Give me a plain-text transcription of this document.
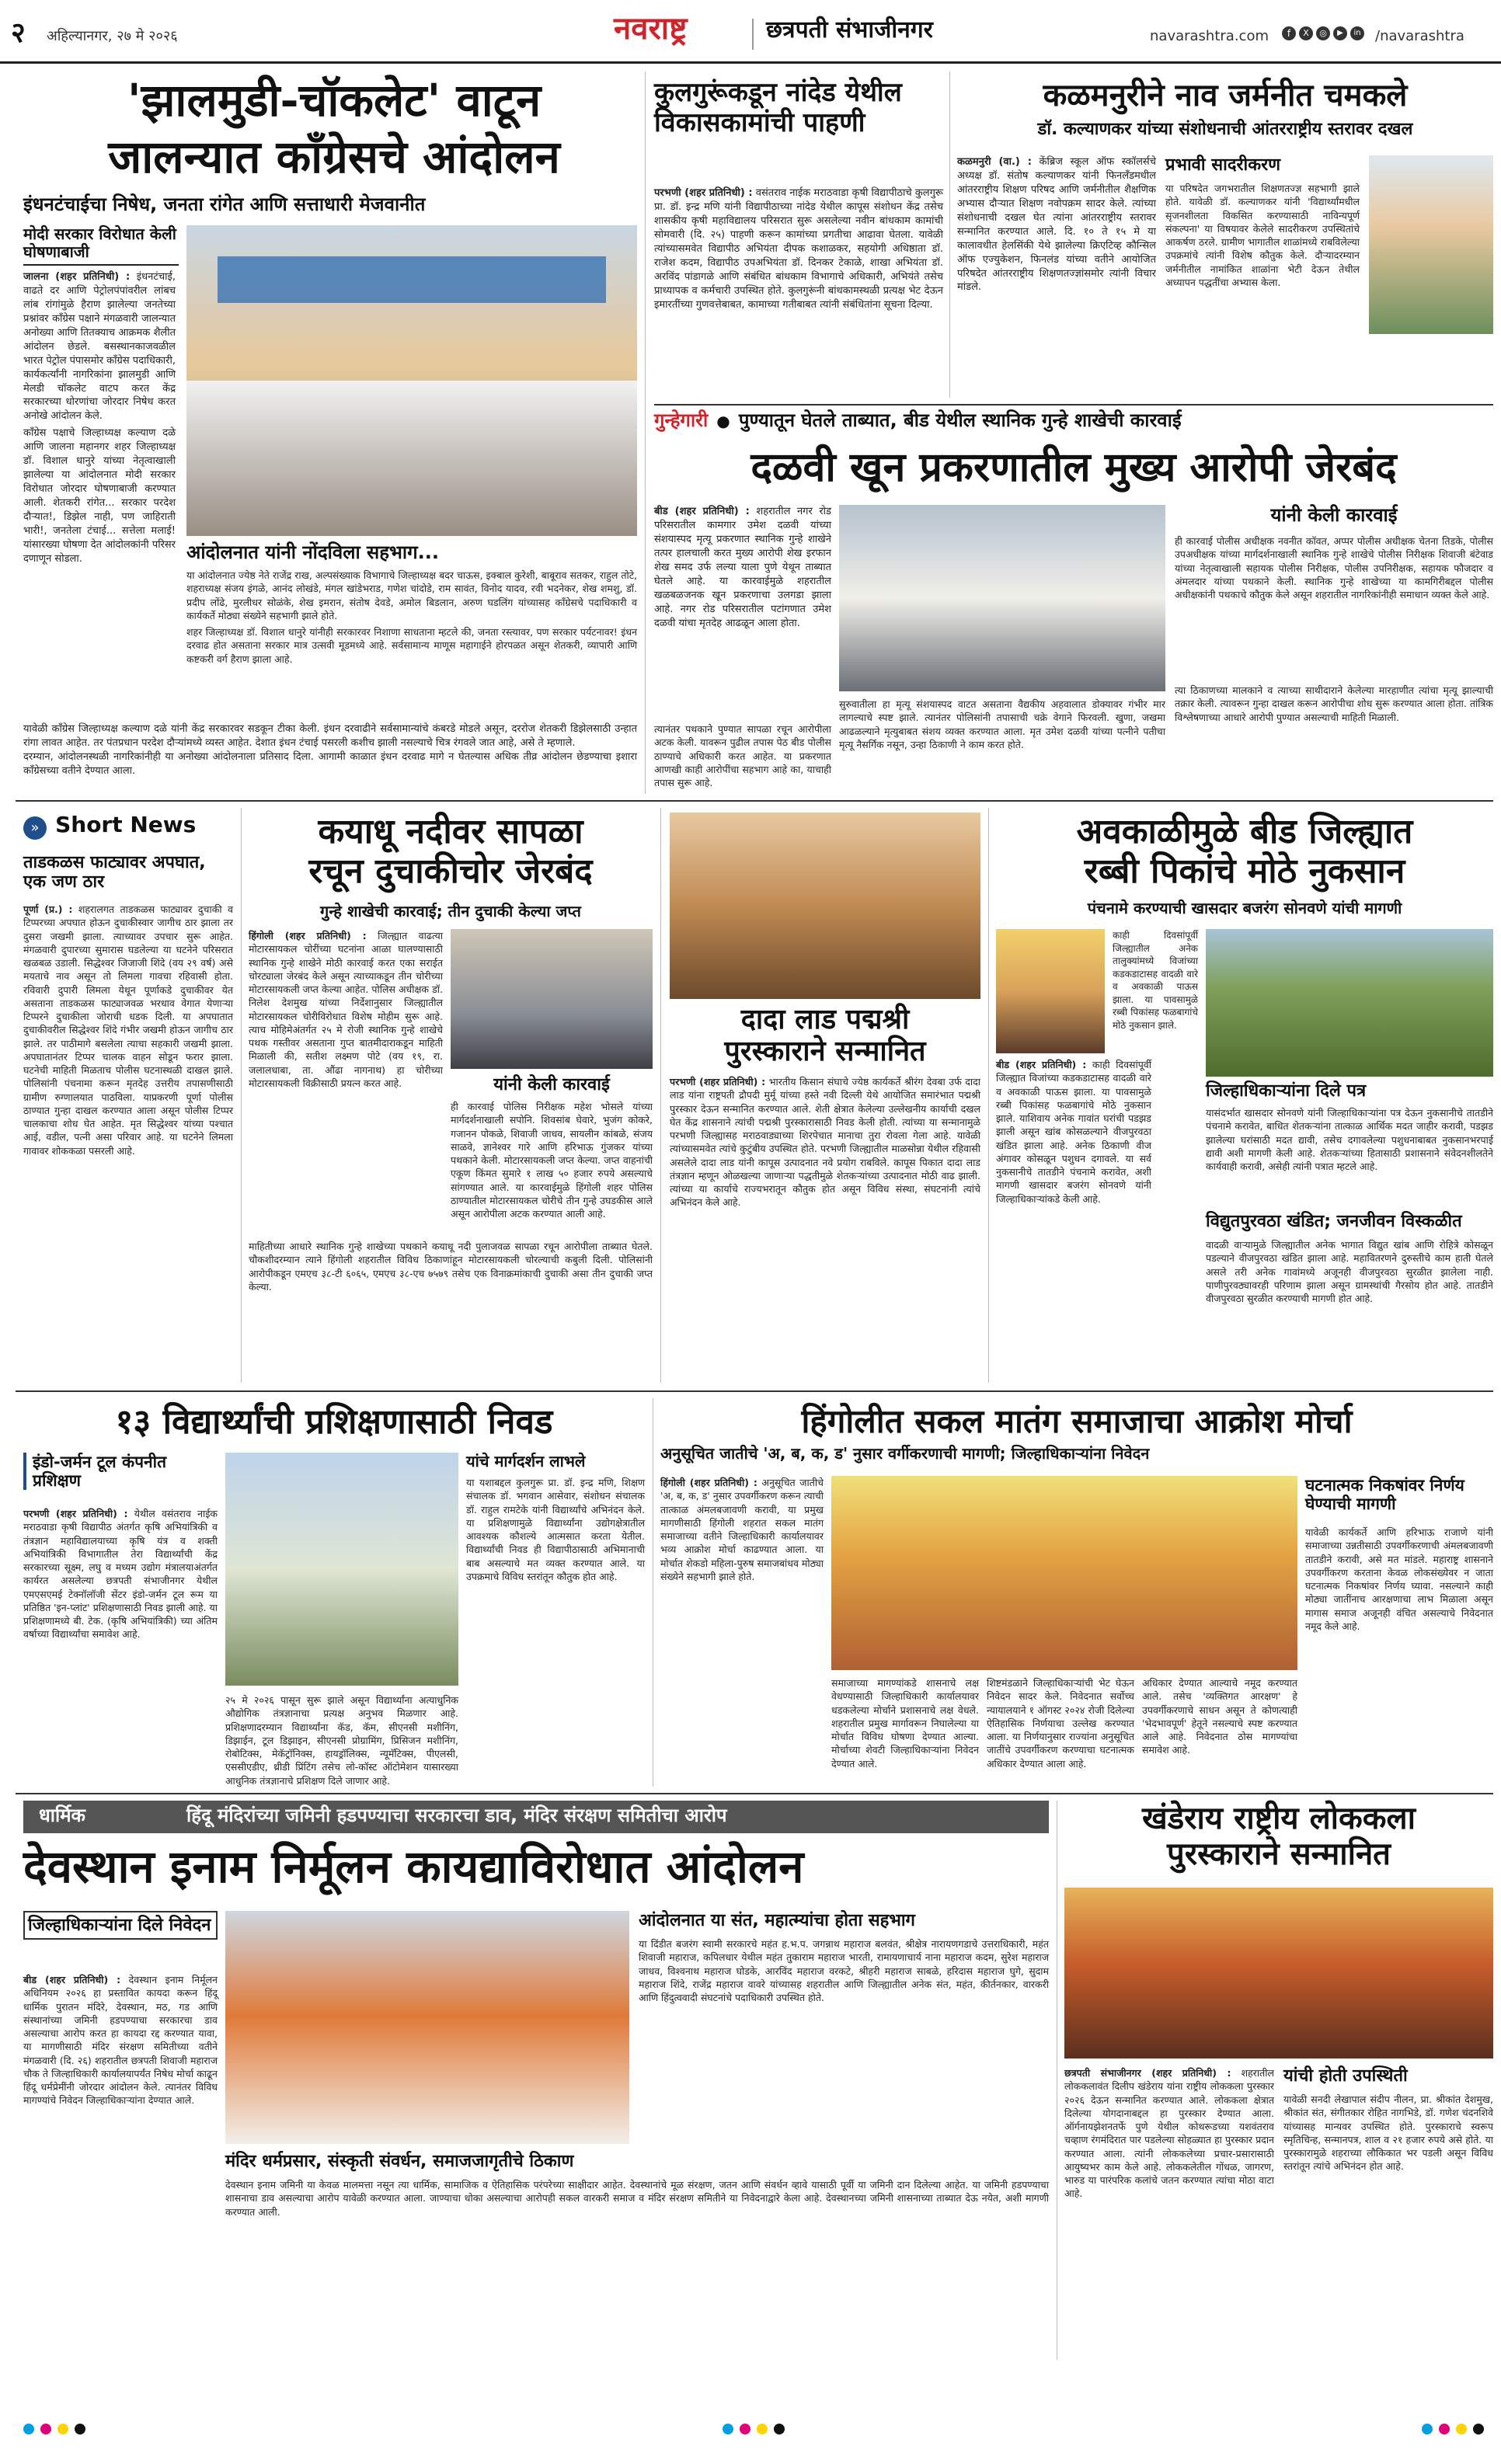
२ अहिल्यानगर, २७ मे २०२६	नवराष्ट्र	छत्रपती संभाजीनगर	navarashtra.com	f	X	◎	▶	in /navarashtra
'झालमुडी-चॉकलेट' वाटून
जालन्यात काँग्रेसचे आंदोलन
इंधनटंचाईचा निषेध, जनता रांगेत आणि सत्ताधारी मेजवानीत
मोदी सरकार विरोधात केली घोषणाबाजी
जालना (शहर प्रतिनिधी) : इंधनटंचाई, वाढते दर आणि पेट्रोलपंपांवरील लांबच लांब रांगांमुळे हैराण झालेल्या जनतेच्या प्रश्नांवर काँग्रेस पक्षाने मंगळवारी जालन्यात अनोख्या आणि तितक्याच आक्रमक शैलीत आंदोलन छेडले. बसस्थानकाजवळील भारत पेट्रोल पंपासमोर काँग्रेस पदाधिकारी, कार्यकर्त्यांनी नागरिकांना झालमुडी आणि मेलडी चॉकलेट वाटप करत केंद्र सरकारच्या धोरणांचा जोरदार निषेध करत अनोखे आंदोलन केले.

काँग्रेस पक्षाचे जिल्हाध्यक्ष कल्याण दळे आणि जालना महानगर शहर जिल्हाध्यक्ष डॉ. विशाल धानुरे यांच्या नेतृत्वाखाली झालेल्या या आंदोलनात मोदी सरकार विरोधात जोरदार घोषणाबाजी करण्यात आली. शेतकरी रांगेत... सरकार परदेश दौऱ्यात!, डिझेल नाही, पण जाहिराती भारी!, जनतेला टंचाई... सत्तेला मलाई! यांसारख्या घोषणा देत आंदोलकांनी परिसर दणाणून सोडला.	आंदोलनात यांनी नोंदविला सहभाग...

या आंदोलनात ज्येष्ठ नेते राजेंद्र राख, अल्पसंख्याक विभागाचे जिल्हाध्यक्ष बदर चाऊस, इक्बाल कुरेशी, बाबूराव सतकर, राहुल तोटे, शहराध्यक्ष संजय इंगळे, आनंद लोखंडे, मंगल खांडेभराड, गणेश चांदोडे, राम सावंत, विनोद यादव, रवी भदनेकर, शेख शमशु, डॉ. प्रदीप लोंढे, मुरलीधर सोळंके, शेख इमरान, संतोष देवडे, अमोल बिडलान, अरुण घडलिंग यांच्यासह काँग्रेसचे पदाधिकारी व कार्यकर्ते मोठ्या संख्येने सहभागी झाले होते.

शहर जिल्हाध्यक्ष डॉ. विशाल धानुरे यांनीही सरकारवर निशाणा साधताना म्हटले की, जनता रस्त्यावर, पण सरकार पर्यटनावर! इंधन दरवाढ होत असताना सरकार मात्र उत्सवी मूडमध्ये आहे. सर्वसामान्य माणूस महागाईने होरपळत असून शेतकरी, व्यापारी आणि कष्टकरी वर्ग हैराण झाला आहे.

यावेळी काँग्रेस जिल्हाध्यक्ष कल्याण दळे यांनी केंद्र सरकारवर सडकून टीका केली. इंधन दरवाढीने सर्वसामान्यांचे कंबरडे मोडले असून, दररोज शेतकरी डिझेलसाठी उन्हात रांगा लावत आहेत. तर पंतप्रधान परदेश दौऱ्यांमध्ये व्यस्त आहेत. देशात इंधन टंचाई पसरली कशीच झाली नसल्याचे चित्र रंगवले जात आहे, असे ते म्हणाले.

दरम्यान, आंदोलनस्थळी नागरिकांनीही या अनोख्या आंदोलनाला प्रतिसाद दिला. आगामी काळात इंधन दरवाढ मागे न घेतल्यास अधिक तीव्र आंदोलन छेडण्याचा इशारा काँग्रेसच्या वतीने देण्यात आला.

कुलगुरूंकडून नांदेड येथील विकासकामांची पाहणी
परभणी (शहर प्रतिनिधी) : वसंतराव नाईक मराठवाडा कृषी विद्यापीठाचे कुलगुरू प्रा. डॉ. इन्द्र मणि यांनी विद्यापीठाच्या नांदेड येथील कापूस संशोधन केंद्र तसेच शासकीय कृषी महाविद्यालय परिसरात सुरू असलेल्या नवीन बांधकाम कामांची सोमवारी (दि. २५) पाहणी करून कामांच्या प्रगतीचा आढावा घेतला. यावेळी त्यांच्यासमवेत विद्यापीठ अभियंता दीपक कशाळकर, सहयोगी अधिष्ठाता डॉ. राजेश कदम, विद्यापीठ उपअभियंता डॉ. दिनकर टेकाळे, शाखा अभियंता डॉ. अरविंद पांडागळे आणि संबंधित बांधकाम विभागाचे अधिकारी, अभियंते तसेच प्राध्यापक व कर्मचारी उपस्थित होते. कुलगुरूंनी बांधकामस्थळी प्रत्यक्ष भेट देऊन इमारतींच्या गुणवत्तेबाबत, कामाच्या गतीबाबत त्यांनी संबंधितांना सूचना दिल्या.
कळमनुरीने नाव जर्मनीत चमकले
डॉ. कल्याणकर यांच्या संशोधनाची आंतरराष्ट्रीय स्तरावर दखल
कळमनुरी (वा.) : केंब्रिज स्कूल ऑफ स्कॉलर्सचे अध्यक्ष डॉ. संतोष कल्याणकर यांनी फिनलँडमधील आंतरराष्ट्रीय शिक्षण परिषद आणि जर्मनीतील शैक्षणिक अभ्यास दौऱ्यात शिक्षण नवोपक्रम सादर केले. त्यांच्या संशोधनाची दखल घेत त्यांना आंतरराष्ट्रीय स्तरावर सन्मानित करण्यात आले. दि. १० ते १५ मे या कालावधीत हेलसिंकी येथे झालेल्या क्रिएटिव्ह कौन्सिल ऑफ एज्युकेशन, फिनलंड यांच्या वतीने आयोजित परिषदेत आंतरराष्ट्रीय शिक्षणतज्ज्ञांसमोर त्यांनी विचार मांडले.
प्रभावी सादरीकरण
या परिषदेत जगभरातील शिक्षणतज्ज्ञ सहभागी झाले होते. यावेळी डॉ. कल्याणकर यांनी 'विद्यार्थ्यांमधील सृजनशीलता विकसित करण्यासाठी नाविन्यपूर्ण संकल्पना' या विषयावर केलेले सादरीकरण उपस्थितांचे आकर्षण ठरले. ग्रामीण भागातील शाळांमध्ये राबविलेल्या उपक्रमांचे त्यांनी विशेष कौतुक केले. दौऱ्यादरम्यान जर्मनीतील नामांकित शाळांना भेटी देऊन तेथील अध्यापन पद्धतींचा अभ्यास केला.
गुन्हेगारी ● पुण्यातून घेतले ताब्यात, बीड येथील स्थानिक गुन्हे शाखेची कारवाई
दळवी खून प्रकरणातील मुख्य आरोपी जेरबंद
बीड (शहर प्रतिनिधी) : शहरातील नगर रोड परिसरातील कामगार उमेश दळवी यांच्या संशयास्पद मृत्यू प्रकरणात स्थानिक गुन्हे शाखेने तत्पर हालचाली करत मुख्य आरोपी शेख इरफान शेख समद उर्फ लल्या याला पुणे येथून ताब्यात घेतले आहे. या कारवाईमुळे शहरातील खळबळजनक खून प्रकरणाचा उलगडा झाला आहे. नगर रोड परिसरातील पटांगणात उमेश दळवी यांचा मृतदेह आढळून आला होता.
सुरुवातीला हा मृत्यू संशयास्पद वाटत असताना वैद्यकीय अहवालात डोक्यावर गंभीर मार लागल्याचे स्पष्ट झाले. त्यानंतर पोलिसांनी तपासाची चक्रे वेगाने फिरवली. खुणा, जखमा आढळल्याने मृत्युबाबत संशय व्यक्त करण्यात आला. मृत उमेश दळवी यांच्या पत्नीने पतीचा मृत्यू नैसर्गिक नसून, उन्हा ठिकाणी ने काम करत होते.
यांनी केली कारवाई
ही कारवाई पोलीस अधीक्षक नवनीत कॉवत, अप्पर पोलीस अधीक्षक चेतना तिडके, पोलीस उपअधीक्षक यांच्या मार्गदर्शनाखाली स्थानिक गुन्हे शाखेचे पोलीस निरीक्षक शिवाजी बंटेवाड यांच्या नेतृत्वाखाली सहायक पोलीस निरीक्षक, पोलीस उपनिरीक्षक, सहायक फौजदार व अंमलदार यांच्या पथकाने केली. स्थानिक गुन्हे शाखेच्या या कामगिरीबद्दल पोलीस अधीक्षकांनी पथकाचे कौतुक केले असून शहरातील नागरिकांनीही समाधान व्यक्त केले आहे.
त्या ठिकाणच्या मालकाने व त्याच्या साथीदाराने केलेल्या मारहाणीत त्यांचा मृत्यू झाल्याची तक्रार केली. त्यावरून गुन्हा दाखल करून आरोपीचा शोध सुरू करण्यात आला होता. तांत्रिक विश्लेषणाच्या आधारे आरोपी पुण्यात असल्याची माहिती मिळाली.
त्यानंतर पथकाने पुण्यात सापळा रचून आरोपीला अटक केली. यावरून पुढील तपास पेठ बीड पोलीस ठाण्याचे अधिकारी करत आहेत. या प्रकरणात आणखी काही आरोपींचा सहभाग आहे का, याचाही तपास सुरू आहे.
» Short News
ताडकळस फाट्यावर अपघात, एक जण ठार
पूर्णा (प्र.) : शहरालगत ताडकळस फाट्यावर दुचाकी व टिप्परच्या अपघात होऊन दुचाकीस्वार जागीच ठार झाला तर दुसरा जखमी झाला. त्याच्यावर उपचार सुरू आहेत. मंगळवारी दुपारच्या सुमारास घडलेल्या या घटनेने परिसरात खळबळ उडाली. सिद्धेश्वर जिजाजी शिंदे (वय २९ वर्ष) असे मयताचे नाव असून तो लिमला गावचा रहिवासी होता. रविवारी दुपारी लिमला येथून पूर्णाकडे दुचाकीवर येत असताना ताडकळस फाट्याजवळ भरधाव वेगात येणाऱ्या टिप्परने दुचाकीला जोराची धडक दिली. या अपघातात दुचाकीवरील सिद्धेश्वर शिंदे गंभीर जखमी होऊन जागीच ठार झाले. तर पाठीमागे बसलेला त्याचा सहकारी जखमी झाला. अपघातानंतर टिप्पर चालक वाहन सोडून फरार झाला. घटनेची माहिती मिळताच पोलीस घटनास्थळी दाखल झाले. पोलिसांनी पंचनामा करून मृतदेह उत्तरीय तपासणीसाठी ग्रामीण रुग्णालयात पाठविला. याप्रकरणी पूर्णा पोलीस ठाण्यात गुन्हा दाखल करण्यात आला असून पोलीस टिप्पर चालकाचा शोध घेत आहेत. मृत सिद्धेश्वर यांच्या पश्चात आई, वडील, पत्नी असा परिवार आहे. या घटनेने लिमला गावावर शोककळा पसरली आहे.
कयाधू नदीवर सापळा
रचून दुचाकीचोर जेरबंद
गुन्हे शाखेची कारवाई; तीन दुचाकी केल्या जप्त
हिंगोली (शहर प्रतिनिधी) : जिल्ह्यात वाढत्या मोटारसायकल चोरींच्या घटनांना आळा घालण्यासाठी स्थानिक गुन्हे शाखेने मोठी कारवाई करत एका सराईत चोरट्याला जेरबंद केले असून त्याच्याकडून तीन चोरीच्या मोटारसायकली जप्त केल्या आहेत. पोलिस अधीक्षक डॉ. निलेश देशमुख यांच्या निर्देशानुसार जिल्ह्यातील मोटारसायकल चोरीविरोधात विशेष मोहीम सुरू आहे. त्याच मोहिमेअंतर्गत २५ मे रोजी स्थानिक गुन्हे शाखेचे पथक गस्तीवर असताना गुप्त बातमीदाराकडून माहिती मिळाली की, सतीश लक्ष्मण पोटे (वय १९, रा. जलालधाबा, ता. औंढा नागनाथ) हा चोरीच्या मोटारसायकली विक्रीसाठी प्रयत्न करत आहे.	यांनी केली कारवाई
ही कारवाई पोलिस निरीक्षक महेश भोसले यांच्या मार्गदर्शनाखाली सपोनि. शिवसांब घेवारे, भुजंग कोकरे, गजानन पोकळे, शिवाजी जाधव, सायलीन कांबळे, संजय साळवे, ज्ञानेश्वर गारे आणि हरिभाऊ गुंजकर यांच्या पथकाने केली. मोटारसायकली जप्त केल्या. जप्त वाहनांची एकूण किंमत सुमारे १ लाख ५० हजार रुपये असल्याचे सांगण्यात आले. या कारवाईमुळे हिंगोली शहर पोलिस ठाण्यातील मोटारसायकल चोरीचे तीन गुन्हे उघडकीस आले असून आरोपीला अटक करण्यात आली आहे.
माहितीच्या आधारे स्थानिक गुन्हे शाखेच्या पथकाने कयाधू नदी पुलाजवळ सापळा रचून आरोपीला ताब्यात घेतले. चौकशीदरम्यान त्याने हिंगोली शहरातील विविध ठिकाणांहून मोटारसायकली चोरल्याची कबुली दिली. पोलिसांनी आरोपीकडून एमएच ३८-टी ६०६५, एमएच ३८-एच ७५७९ तसेच एक विनाक्रमांकाची दुचाकी असा तीन दुचाकी जप्त केल्या.
दादा लाड पद्मश्री
पुरस्काराने सन्मानित
परभणी (शहर प्रतिनिधी) : भारतीय किसान संघाचे ज्येष्ठ कार्यकर्ते श्रीरंग देवबा उर्फ दादा लाड यांना राष्ट्रपती द्रौपदी मुर्मू यांच्या हस्ते नवी दिल्ली येथे आयोजित समारंभात पद्मश्री पुरस्कार देऊन सन्मानित करण्यात आले. शेती क्षेत्रात केलेल्या उल्लेखनीय कार्याची दखल घेत केंद्र शासनाने त्यांची पद्मश्री पुरस्कारासाठी निवड केली होती. त्यांच्या या सन्मानामुळे परभणी जिल्ह्यासह मराठवाड्याच्या शिरपेचात मानाचा तुरा रोवला गेला आहे. यावेळी त्यांच्यासमवेत त्यांचे कुटुंबीय उपस्थित होते. परभणी जिल्ह्यातील माळसोन्ना येथील रहिवासी असलेले दादा लाड यांनी कापूस उत्पादनात नवे प्रयोग राबविले. कापूस पिकात दादा लाड तंत्रज्ञान म्हणून ओळखल्या जाणाऱ्या पद्धतीमुळे शेतकऱ्यांच्या उत्पादनात मोठी वाढ झाली. त्यांच्या या कार्याचे राज्यभरातून कौतुक होत असून विविध संस्था, संघटनांनी त्यांचे अभिनंदन केले आहे.
अवकाळीमुळे बीड जिल्ह्यात
रब्बी पिकांचे मोठे नुकसान
पंचनामे करण्याची खासदार बजरंग सोनवणे यांची मागणी
बीड (शहर प्रतिनिधी) : काही दिवसांपूर्वी जिल्ह्यात विजांच्या कडकडाटासह वादळी वारे व अवकाळी पाऊस झाला. या पावसामुळे रब्बी पिकांसह फळबागांचे मोठे नुकसान झाले. याशिवाय अनेक गावांत घरांची पडझड झाली असून खांब कोसळल्याने वीजपुरवठा खंडित झाला आहे. अनेक ठिकाणी वीज अंगावर कोसळून पशुधन दगावले. या सर्व नुकसानीचे तातडीने पंचनामे करावेत, अशी मागणी खासदार बजरंग सोनवणे यांनी जिल्हाधिकाऱ्यांकडे केली आहे.
काही दिवसांपूर्वी जिल्ह्यातील अनेक तालुक्यांमध्ये विजांच्या कडकडाटासह वादळी वारे व अवकाळी पाऊस झाला. या पावसामुळे रब्बी पिकांसह फळबागांचे मोठे नुकसान झाले.
जिल्हाधिकाऱ्यांना दिले पत्र
यासंदर्भात खासदार सोनवणे यांनी जिल्हाधिकाऱ्यांना पत्र देऊन नुकसानीचे तातडीने पंचनामे करावेत, बाधित शेतकऱ्यांना तात्काळ आर्थिक मदत जाहीर करावी, पडझड झालेल्या घरांसाठी मदत द्यावी, तसेच दगावलेल्या पशुधनाबाबत नुकसानभरपाई द्यावी अशी मागणी केली आहे. शेतकऱ्यांच्या हितासाठी प्रशासनाने संवेदनशीलतेने कार्यवाही करावी, असेही त्यांनी पत्रात म्हटले आहे.
विद्युतपुरवठा खंडित; जनजीवन विस्कळीत
वादळी वाऱ्यामुळे जिल्ह्यातील अनेक भागात विद्युत खांब आणि रोहित्रे कोसळून पडल्याने वीजपुरवठा खंडित झाला आहे. महावितरणने दुरुस्तीचे काम हाती घेतले असले तरी अनेक गावांमध्ये अजूनही वीजपुरवठा सुरळीत झालेला नाही. पाणीपुरवठ्यावरही परिणाम झाला असून ग्रामस्थांची गैरसोय होत आहे. तातडीने वीजपुरवठा सुरळीत करण्याची मागणी होत आहे.
१३ विद्यार्थ्यांची प्रशिक्षणासाठी निवड
इंडो-जर्मन टूल कंपनीत प्रशिक्षण
परभणी (शहर प्रतिनिधी) : येथील वसंतराव नाईक मराठवाडा कृषी विद्यापीठ अंतर्गत कृषि अभियांत्रिकी व तंत्रज्ञान महाविद्यालयाच्या कृषि यंत्र व शक्ती अभियांत्रिकी विभागातील तेरा विद्यार्थ्यांची केंद्र सरकारच्या सूक्ष्म, लघु व मध्यम उद्योग मंत्रालयाअंतर्गत कार्यरत असलेल्या छत्रपती संभाजीनगर येथील एमएसएमई टेक्नॉलॉजी सेंटर इंडो-जर्मन टूल रूम या प्रतिष्ठित 'इन-प्लांट' प्रशिक्षणासाठी निवड झाली आहे. या प्रशिक्षणामध्ये बी. टेक. (कृषि अभियांत्रिकी) च्या अंतिम वर्षाच्या विद्यार्थ्यांचा समावेश आहे.
२५ मे २०२६ पासून सुरू झाले असून विद्यार्थ्यांना अत्याधुनिक औद्योगिक तंत्रज्ञानाचा प्रत्यक्ष अनुभव मिळणार आहे. प्रशिक्षणादरम्यान विद्यार्थ्यांना कॅड, कॅम, सीएनसी मशीनिंग, डिझाईन, टूल डिझाइन, सीएनसी प्रोग्रामिंग, प्रिसिजन मशीनिंग, रोबोटिक्स, मेकॅट्रॉनिक्स, हायड्रॉलिक्स, न्यूमॅटिक्स, पीएलसी, एससीएडीए, थ्रीडी प्रिंटिंग तसेच लो-कॉस्ट ऑटोमेशन यासारख्या आधुनिक तंत्रज्ञानाचे प्रशिक्षण दिले जाणार आहे.
यांचे मार्गदर्शन लाभले
या यशाबद्दल कुलगुरू प्रा. डॉ. इन्द्र मणि, शिक्षण संचालक डॉ. भगवान आसेवार, संशोधन संचालक डॉ. राहुल रामटेके यांनी विद्यार्थ्यांचे अभिनंदन केले. या प्रशिक्षणामुळे विद्यार्थ्यांना उद्योगक्षेत्रातील आवश्यक कौशल्ये आत्मसात करता येतील. विद्यार्थ्यांची निवड ही विद्यापीठासाठी अभिमानाची बाब असल्याचे मत व्यक्त करण्यात आले. या उपक्रमाचे विविध स्तरांतून कौतुक होत आहे.
हिंगोलीत सकल मातंग समाजाचा आक्रोश मोर्चा
अनुसूचित जातीचे 'अ, ब, क, ड' नुसार वर्गीकरणाची मागणी; जिल्हाधिकाऱ्यांना निवेदन
हिंगोली (शहर प्रतिनिधी) : अनुसूचित जातीचे 'अ, ब, क, ड' नुसार उपवर्गीकरण करून त्याची तात्काळ अंमलबजावणी करावी, या प्रमुख मागणीसाठी हिंगोली शहरात सकल मातंग समाजाच्या वतीने जिल्हाधिकारी कार्यालयावर भव्य आक्रोश मोर्चा काढण्यात आला. या मोर्चात शेकडो महिला-पुरुष समाजबांधव मोठ्या संख्येने सहभागी झाले होते.
समाजाच्या मागण्यांकडे शासनाचे लक्ष वेधण्यासाठी जिल्हाधिकारी कार्यालयावर धडकलेल्या मोर्चाने प्रशासनाचे लक्ष वेधले. शहरातील प्रमुख मार्गावरून निघालेल्या या मोर्चात विविध घोषणा देण्यात आल्या. मोर्चाच्या शेवटी जिल्हाधिकाऱ्यांना निवेदन देण्यात आले.
शिष्टमंडळाने जिल्हाधिकाऱ्यांची भेट घेऊन निवेदन सादर केले. निवेदनात सर्वोच्च न्यायालयाने १ ऑगस्ट २०२४ रोजी दिलेल्या ऐतिहासिक निर्णयाचा उल्लेख करण्यात आला. या निर्णयानुसार राज्यांना अनुसूचित जातींचे उपवर्गीकरण करण्याचा घटनात्मक अधिकार देण्यात आला आहे.
अधिकार देण्यात आल्याचे नमूद करण्यात आले. तसेच 'व्यक्तिगत आरक्षण' हे उपवर्गीकरणाचे साधन असून ते कोणत्याही 'भेदभावपूर्ण' हेतूने नसल्याचे स्पष्ट करण्यात आले आहे. निवेदनात ठोस मागण्यांचा समावेश आहे.
घटनात्मक निकषांवर निर्णय घेण्याची मागणी
यावेळी कार्यकर्ते आणि हरिभाऊ राजाणे यांनी समाजाच्या उन्नतीसाठी उपवर्गीकरणाची अंमलबजावणी तातडीने करावी, असे मत मांडले. महाराष्ट्र शासनाने उपवर्गीकरण करताना केवळ लोकसंख्येवर न जाता घटनात्मक निकषांवर निर्णय घ्यावा. नसल्याने काही मोठ्या जातींनाच आरक्षणाचा लाभ मिळाला असून मागास समाज अजूनही वंचित असल्याचे निवेदनात नमूद केले आहे.
धार्मिक	हिंदू मंदिरांच्या जमिनी हडपण्याचा सरकारचा डाव, मंदिर संरक्षण समितीचा आरोप
देवस्थान इनाम निर्मूलन कायद्याविरोधात आंदोलन
जिल्हाधिकाऱ्यांना दिले निवेदन
बीड (शहर प्रतिनिधी) : देवस्थान इनाम निर्मूलन अधिनियम २०२६ हा प्रस्तावित कायदा करून हिंदू धार्मिक पुरातन मंदिरे, देवस्थान, मठ, गड आणि संस्थानांच्या जमिनी हडपण्याचा सरकारचा डाव असल्याचा आरोप करत हा कायदा रद्द करण्यात यावा, या मागणीसाठी मंदिर संरक्षण समितीच्या वतीने मंगळवारी (दि. २६) शहरातील छत्रपती शिवाजी महाराज चौक ते जिल्हाधिकारी कार्यालयापर्यंत निषेध मोर्चा काढून हिंदू धर्मप्रेमींनी जोरदार आंदोलन केले. त्यानंतर विविध मागण्यांचे निवेदन जिल्हाधिकाऱ्यांना देण्यात आले.
आंदोलनात या संत, महात्म्यांचा होता सहभाग
या दिंडीत बजरंग स्वामी सरकारचे महंत ह.भ.प. जगन्नाथ महाराज बलवंत, श्रीक्षेत्र नारायणगडाचे उत्तराधिकारी, महंत शिवाजी महाराज, कपिलधार येथील महंत तुकाराम महाराज भारती, रामायणाचार्य नाना महाराज कदम, सुरेश महाराज जाधव, विश्वनाथ महाराज घोडके, आरविंद महाराज वरकटे, श्रीहरी महाराज साबळे, हरिदास महाराज घुगे, सुदाम महाराज शिंदे, राजेंद्र महाराज वावरे यांच्यासह शहरातील आणि जिल्ह्यातील अनेक संत, महंत, कीर्तनकार, वारकरी आणि हिंदुत्ववादी संघटनांचे पदाधिकारी उपस्थित होते.
मंदिर धर्मप्रसार, संस्कृती संवर्धन, समाजजागृतीचे ठिकाण
देवस्थान इनाम जमिनी या केवळ मालमत्ता नसून त्या धार्मिक, सामाजिक व ऐतिहासिक परंपरेच्या साक्षीदार आहेत. देवस्थानांचे मूळ संरक्षण, जतन आणि संवर्धन व्हावे यासाठी पूर्वी या जमिनी दान दिलेल्या आहेत. या जमिनी हडपण्याचा शासनाचा डाव असल्याचा आरोप यावेळी करण्यात आला. जाण्याचा धोका असल्याचा आरोपही सकल वारकरी समाज व मंदिर संरक्षण समितीने या निवेदनाद्वारे केला आहे. देवस्थानच्या जमिनी शासनाच्या ताब्यात देऊ नयेत, अशी मागणी करण्यात आली.
खंडेराय राष्ट्रीय लोककला
पुरस्काराने सन्मानित
छत्रपती संभाजीनगर (शहर प्रतिनिधी) : शहरातील लोककलावंत दिलीप खंडेराय यांना राष्ट्रीय लोककला पुरस्कार २०२६ देऊन सन्मानित करण्यात आले. लोककला क्षेत्रात दिलेल्या योगदानाबद्दल हा पुरस्कार देण्यात आला. ऑर्गनायझेशनतर्फे पुणे येथील कोथरूडच्या यशवंतराव चव्हाण रंगमंदिरात पार पडलेल्या सोहळ्यात हा पुरस्कार प्रदान करण्यात आला. त्यांनी लोककलेच्या प्रचार-प्रसारासाठी आयुष्यभर काम केले आहे. लोककलेतील गोंधळ, जागरण, भारुड या पारंपरिक कलांचे जतन करण्यात त्यांचा मोठा वाटा आहे.
यांची होती उपस्थिती
यावेळी सनदी लेखापाल संदीप नीलन, प्रा. श्रीकांत देशमुख, श्रीकांत संत, संगीतकार रोहित नागभिडे, डॉ. गणेश चंदनशिवे यांच्यासह मान्यवर उपस्थित होते. पुरस्काराचे स्वरूप स्मृतिचिन्ह, सन्मानपत्र, शाल व २१ हजार रुपये असे होते. या पुरस्कारामुळे शहराच्या लौकिकात भर पडली असून विविध स्तरांतून त्यांचे अभिनंदन होत आहे.
